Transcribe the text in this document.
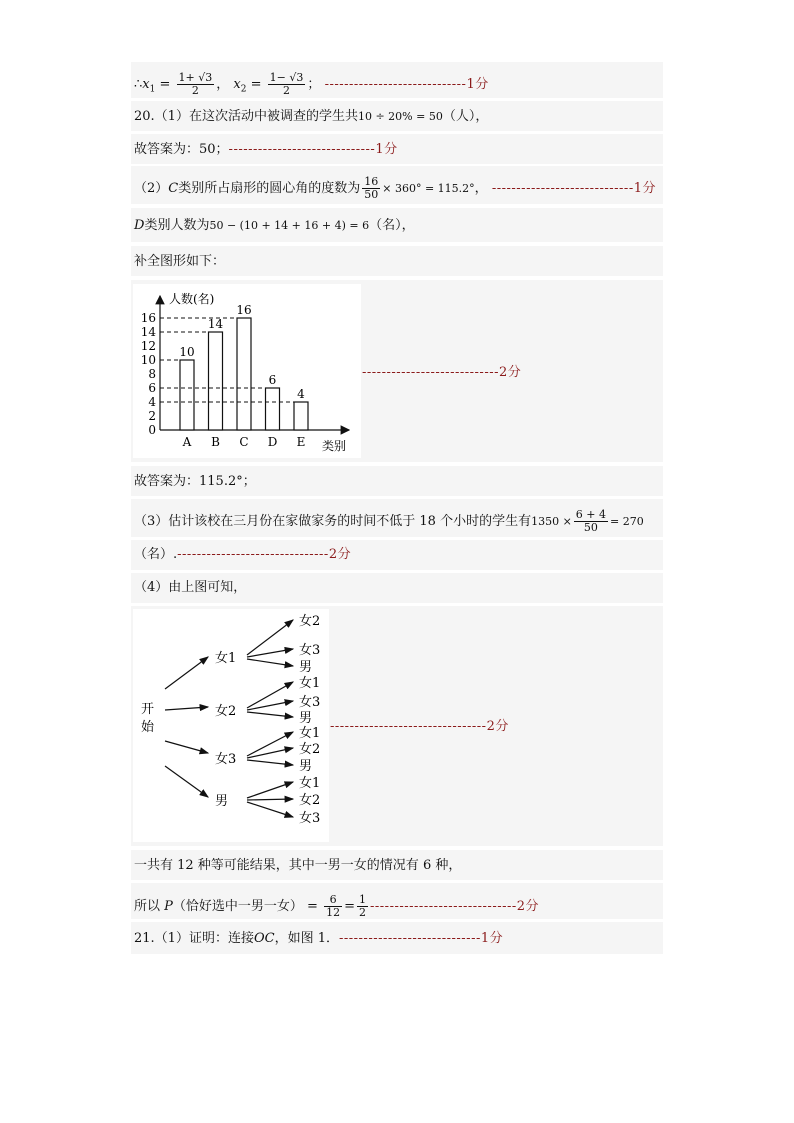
$\therefore x_1 = \frac{1+ √3}{2}$ ， $x_2 = \frac{1- √3}{2}$ ； -----------------------------1分
20.（1）在这次活动中被调查的学生共10 ÷ 20% = 50（人），
故答案为：50；------------------------------1分
（2）C类别所占扇形的圆心角的度数为 $\frac{16}{50} \times 360^\circ = 115.2^\circ$， -----------------------------1分
D类别人数为50 − (10 + 14 + 16 + 4) = 6（名），
补全图形如下：
人数(名)
类别
0
2
4
6
8
10
12
14
16
10
A
14
B
16
C
6
D
4
E
----------------------------2分
故答案为：115.2°；
（3）估计该校在三月份在家做家务的时间不低于 18 个小时的学生有$1350 \times \frac{6 + 4}{50} = 270$
（名）.-------------------------------2分
（4）由上图可知，
开
始
女1
女2
女3
男
女2
女1
女3
男
女3
女1
女2
男
男
女1
女2
女3
--------------------------------2分
一共有 12 种等可能结果，其中一男一女的情况有 6 种，
所以 P（恰好选中一男一女） = $\frac{6}{12} = \frac{1}{2} ------------------------------2$分
21.（1）证明：连接OC，如图 1．-----------------------------1分
